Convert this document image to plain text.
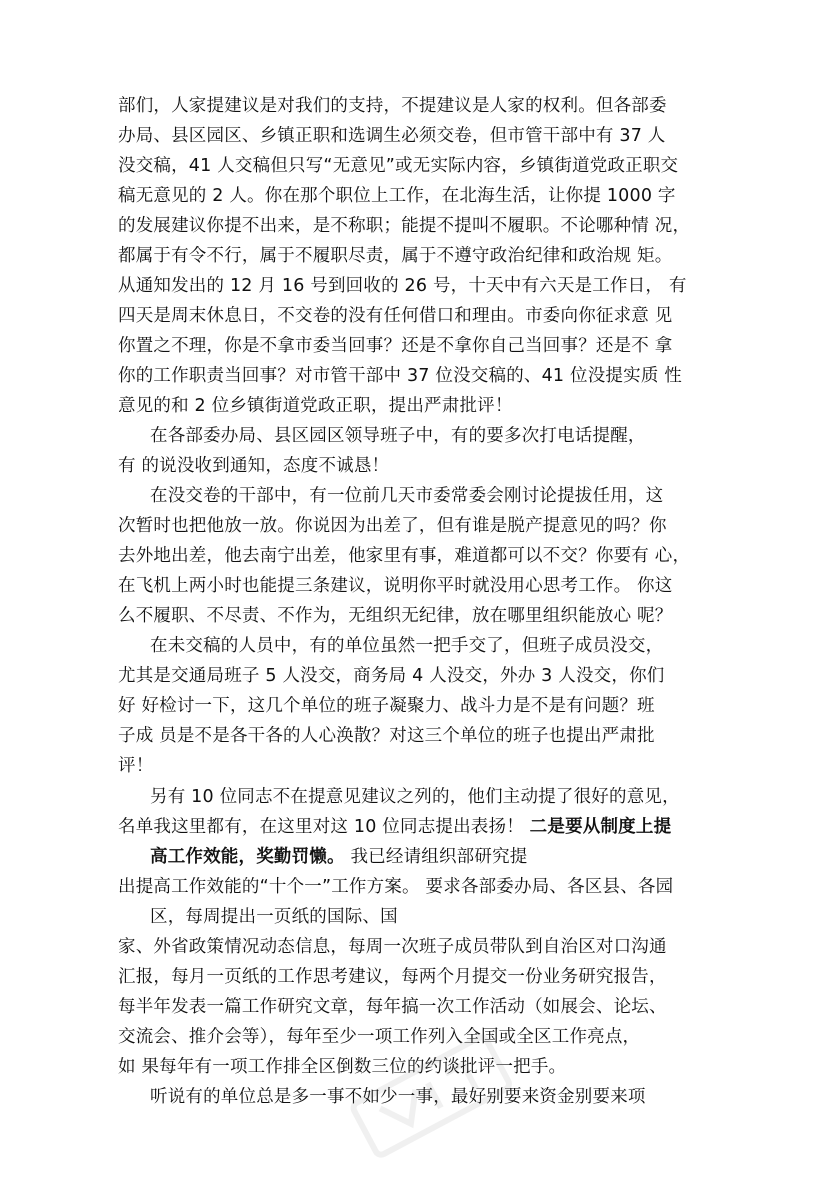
部们，人家提建议是对我们的支持，不提建议是人家的权利。但各部委
办局、县区园区、乡镇正职和选调生必须交卷，但市管干部中有 37 人
没交稿，41 人交稿但只写“无意见”或无实际内容，乡镇街道党政正职交
稿无意见的 2 人。你在那个职位上工作，在北海生活，让你提 1000 字
的发展建议你提不出来，是不称职；能提不提叫不履职。不论哪种情 况，
都属于有令不行，属于不履职尽责，属于不遵守政治纪律和政治规 矩。
从通知发出的 12 月 16 号到回收的 26 号，十天中有六天是工作日， 有
四天是周末休息日，不交卷的没有任何借口和理由。市委向你征求意 见
你置之不理，你是不拿市委当回事？还是不拿你自己当回事？还是不 拿
你的工作职责当回事？对市管干部中 37 位没交稿的、41 位没提实质 性
意见的和 2 位乡镇街道党政正职，提出严肃批评！
在各部委办局、县区园区领导班子中，有的要多次打电话提醒，
有 的说没收到通知，态度不诚恳！
在没交卷的干部中，有一位前几天市委常委会刚讨论提拔任用，这
次暂时也把他放一放。你说因为出差了，但有谁是脱产提意见的吗？你
去外地出差，他去南宁出差，他家里有事，难道都可以不交？你要有 心，
在飞机上两小时也能提三条建议，说明你平时就没用心思考工作。 你这
么不履职、不尽责、不作为，无组织无纪律，放在哪里组织能放心 呢？
在未交稿的人员中，有的单位虽然一把手交了，但班子成员没交，
尤其是交通局班子 5 人没交，商务局 4 人没交，外办 3 人没交，你们
好 好检讨一下，这几个单位的班子凝聚力、战斗力是不是有问题？班
子成 员是不是各干各的人心涣散？对这三个单位的班子也提出严肃批
评！
另有 10 位同志不在提意见建议之列的，他们主动提了很好的意见，
名单我这里都有，在这里对这 10 位同志提出表扬！ 二是要从制度上提
高工作效能，奖勤罚懒。 我已经请组织部研究提
出提高工作效能的“十个一”工作方案。 要求各部委办局、各区县、各园
区，每周提出一页纸的国际、国
家、外省政策情况动态信息，每周一次班子成员带队到自治区对口沟通
汇报，每月一页纸的工作思考建议，每两个月提交一份业务研究报告，
每半年发表一篇工作研究文章，每年搞一次工作活动（如展会、论坛、
交流会、推介会等），每年至少一项工作列入全国或全区工作亮点，
如 果每年有一项工作排全区倒数三位的约谈批评一把手。
听说有的单位总是多一事不如少一事，最好别要来资金别要来项
